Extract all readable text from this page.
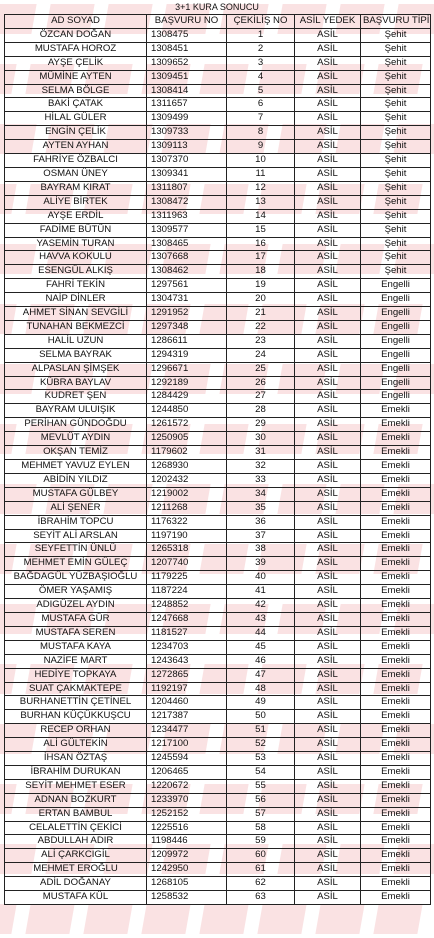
3+1 KURA SONUCU
AD SOYAD	BAŞVURU NO	ÇEKİLİŞ NO	ASİL YEDEK	BAŞVURU TİPİ
ÖZCAN DOĞAN	1308475	1	ASİL	Şehit
MUSTAFA HOROZ	1308451	2	ASİL	Şehit
AYŞE ÇELİK	1309652	3	ASİL	Şehit
MÜMİNE AYTEN	1309451	4	ASİL	Şehit
SELMA BÖLGE	1308414	5	ASİL	Şehit
BAKİ ÇATAK	1311657	6	ASİL	Şehit
HİLAL GÜLER	1309499	7	ASİL	Şehit
ENGİN ÇELİK	1309733	8	ASİL	Şehit
AYTEN AYHAN	1309113	9	ASİL	Şehit
FAHRİYE ÖZBALCI	1307370	10	ASİL	Şehit
OSMAN ÜNEY	1309341	11	ASİL	Şehit
BAYRAM KIRAT	1311807	12	ASİL	Şehit
ALİYE BİRTEK	1308472	13	ASİL	Şehit
AYŞE ERDİL	1311963	14	ASİL	Şehit
FADİME BÜTÜN	1309577	15	ASİL	Şehit
YASEMİN TURAN	1308465	16	ASİL	Şehit
HAVVA KOKULU	1307668	17	ASİL	Şehit
ESENGÜL ALKIŞ	1308462	18	ASİL	Şehit
FAHRİ TEKİN	1297561	19	ASİL	Engelli
NAİP DİNLER	1304731	20	ASİL	Engelli
AHMET SİNAN SEVGİLİ	1291952	21	ASİL	Engelli
TUNAHAN BEKMEZCİ	1297348	22	ASİL	Engelli
HALİL UZUN	1286611	23	ASİL	Engelli
SELMA BAYRAK	1294319	24	ASİL	Engelli
ALPASLAN ŞİMŞEK	1296671	25	ASİL	Engelli
KÜBRA BAYLAV	1292189	26	ASİL	Engelli
KUDRET ŞEN	1284429	27	ASİL	Engelli
BAYRAM ULUIŞIK	1244850	28	ASİL	Emekli
PERİHAN GÜNDOĞDU	1261572	29	ASİL	Emekli
MEVLÜT AYDIN	1250905	30	ASİL	Emekli
OKŞAN TEMİZ	1179602	31	ASİL	Emekli
MEHMET YAVUZ EYLEN	1268930	32	ASİL	Emekli
ABİDİN YILDIZ	1202432	33	ASİL	Emekli
MUSTAFA GÜLBEY	1219002	34	ASİL	Emekli
ALİ ŞENER	1211268	35	ASİL	Emekli
İBRAHİM TOPCU	1176322	36	ASİL	Emekli
SEYİT ALİ ARSLAN	1197190	37	ASİL	Emekli
SEYFETTİN ÜNLÜ	1265318	38	ASİL	Emekli
MEHMET EMİN GÜLEÇ	1207740	39	ASİL	Emekli
BAĞDAGÜL YÜZBAŞIOĞLU	1179225	40	ASİL	Emekli
ÖMER YAŞAMIŞ	1187224	41	ASİL	Emekli
ADIGÜZEL AYDIN	1248852	42	ASİL	Emekli
MUSTAFA GÜR	1247668	43	ASİL	Emekli
MUSTAFA SEREN	1181527	44	ASİL	Emekli
MUSTAFA KAYA	1234703	45	ASİL	Emekli
NAZİFE MART	1243643	46	ASİL	Emekli
HEDİYE TOPKAYA	1272865	47	ASİL	Emekli
SUAT ÇAKMAKTEPE	1192197	48	ASİL	Emekli
BURHANETTİN ÇETİNEL	1204460	49	ASİL	Emekli
BURHAN KÜÇÜKKUŞCU	1217387	50	ASİL	Emekli
RECEP ORHAN	1234477	51	ASİL	Emekli
ALİ GÜLTEKİN	1217100	52	ASİL	Emekli
İHSAN ÖZTAŞ	1245594	53	ASİL	Emekli
İBRAHİM DURUKAN	1206465	54	ASİL	Emekli
SEYİT MEHMET ESER	1220672	55	ASİL	Emekli
ADNAN BOZKURT	1233970	56	ASİL	Emekli
ERTAN BAMBUL	1252152	57	ASİL	Emekli
CELALETTİN ÇEKİCİ	1225516	58	ASİL	Emekli
ABDULLAH ADIR	1198446	59	ASİL	Emekli
ALİ ÇARKCIGİL	1209972	60	ASİL	Emekli
MEHMET EROĞLU	1242950	61	ASİL	Emekli
ADİL DOĞANAY	1268105	62	ASİL	Emekli
MUSTAFA KÜL	1258532	63	ASİL	Emekli
